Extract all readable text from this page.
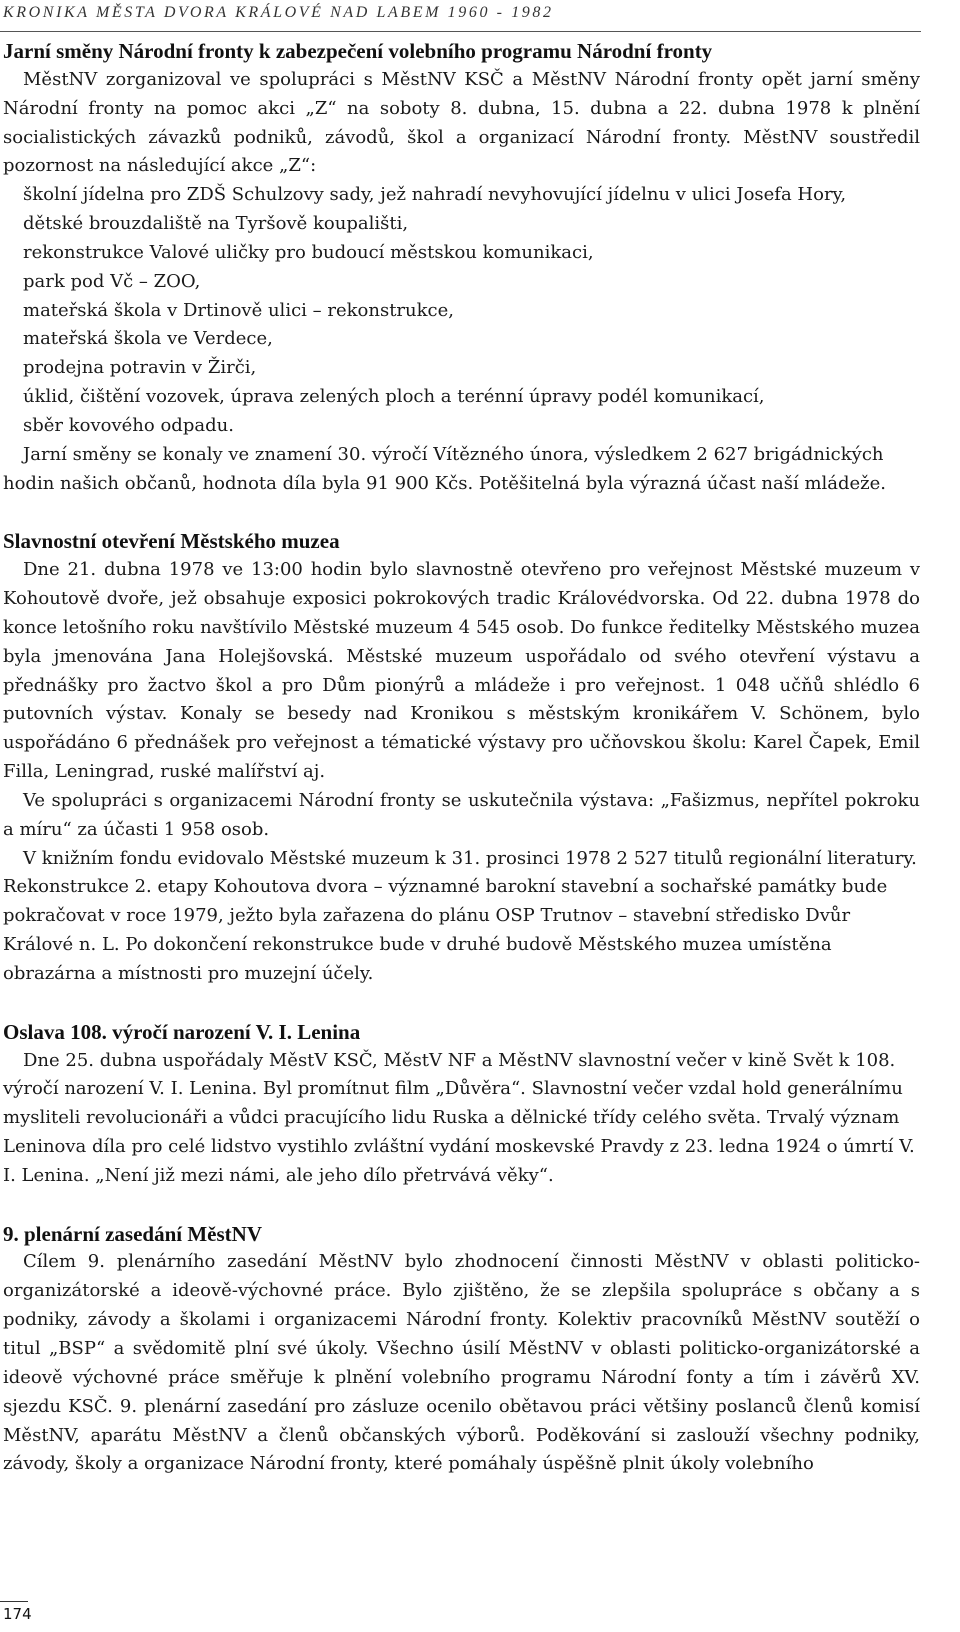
KRONIKA MĚSTA DVORA KRÁLOVÉ NAD LABEM 1960 - 1982
Jarní směny Národní fronty k zabezpečení volebního programu Národní fronty

MěstNV zorganizoval ve spolupráci s MěstNV KSČ a MěstNV Národní fronty opět jarní směny Národní fronty na pomoc akci „Z“ na soboty 8. dubna, 15. dubna a 22. dubna 1978 k plnění socialistických závazků podniků, závodů, škol a organizací Národní fronty. MěstNV soustředil pozornost na následující akce „Z“:

školní jídelna pro ZDŠ Schulzovy sady, jež nahradí nevyhovující jídelnu v ulici Josefa Hory,
dětské brouzdaliště na Tyršově koupališti,
rekonstrukce Valové uličky pro budoucí městskou komunikaci,
park pod Vč – ZOO,
mateřská škola v Drtinově ulici – rekonstrukce,
mateřská škola ve Verdece,
prodejna potravin v Žirči,
úklid, čištění vozovek, úprava zelených ploch a terénní úpravy podél komunikací,
sběr kovového odpadu.

Jarní směny se konaly ve znamení 30. výročí Vítězného února, výsledkem 2 627 brigádnických hodin našich občanů, hodnota díla byla 91 900 Kčs. Potěšitelná byla výrazná účast naší mládeže.

Slavnostní otevření Městského muzea

Dne 21. dubna 1978 ve 13:00 hodin bylo slavnostně otevřeno pro veřejnost Městské muzeum v Kohoutově dvoře, jež obsahuje exposici pokrokových tradic Královédvorska. Od 22. dubna 1978 do konce letošního roku navštívilo Městské muzeum 4 545 osob. Do funkce ředitelky Městského muzea byla jmenována Jana Holejšovská. Městské muzeum uspořádalo od svého otevření výstavu a přednášky pro žactvo škol a pro Dům pionýrů a mládeže i pro veřejnost. 1 048 učňů shlédlo 6 putovních výstav. Konaly se besedy nad Kronikou s městským kronikářem V. Schönem, bylo uspořádáno 6 přednášek pro veřejnost a tématické výstavy pro učňovskou školu: Karel Čapek, Emil Filla, Leningrad, ruské malířství aj.

Ve spolupráci s organizacemi Národní fronty se uskutečnila výstava: „Fašizmus, nepřítel pokroku a míru“ za účasti 1 958 osob.

V knižním fondu evidovalo Městské muzeum k 31. prosinci 1978 2 527 titulů regionální literatury. Rekonstrukce 2. etapy Kohoutova dvora – významné barokní stavební a sochařské památky bude pokračovat v roce 1979, ježto byla zařazena do plánu OSP Trutnov – stavební středisko Dvůr Králové n. L. Po dokončení rekonstrukce bude v druhé budově Městského muzea umístěna obrazárna a místnosti pro muzejní účely.

Oslava 108. výročí narození V. I. Lenina

Dne 25. dubna uspořádaly MěstV KSČ, MěstV NF a MěstNV slavnostní večer v kině Svět k 108. výročí narození V. I. Lenina. Byl promítnut film „Důvěra“. Slavnostní večer vzdal hold generálnímu mysliteli revolucionáři a vůdci pracujícího lidu Ruska a dělnické třídy celého světa. Trvalý význam Leninova díla pro celé lidstvo vystihlo zvláštní vydání moskevské Pravdy z 23. ledna 1924 o úmrtí V. I. Lenina. „Není již mezi námi, ale jeho dílo přetrvává věky“.

9. plenární zasedání MěstNV

Cílem 9. plenárního zasedání MěstNV bylo zhodnocení činnosti MěstNV v oblasti politicko-organizátorské a ideově-výchovné práce. Bylo zjištěno, že se zlepšila spolupráce s občany a s podniky, závody a školami i organizacemi Národní fronty. Kolektiv pracovníků MěstNV soutěží o titul „BSP“ a svědomitě plní své úkoly. Všechno úsilí MěstNV v oblasti politicko-organizátorské a ideově výchovné práce směřuje k plnění volebního programu Národní fonty a tím i závěrů XV. sjezdu KSČ. 9. plenární zasedání pro zásluze ocenilo obětavou práci většiny poslanců členů komisí MěstNV, aparátu MěstNV a členů občanských výborů. Poděkování si zaslouží všechny podniky, závody, školy a organizace Národní fronty, které pomáhaly úspěšně plnit úkoly volebního

174
